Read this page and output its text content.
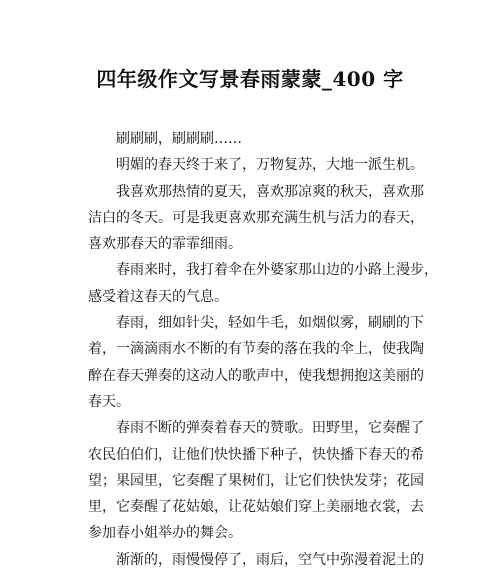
四年级作文写景春雨蒙蒙_400 字
刷刷刷，刷刷刷……
明媚的春天终于来了，万物复苏，大地一派生机。
我喜欢那热情的夏天，喜欢那凉爽的秋天，喜欢那
洁白的冬天。可是我更喜欢那充满生机与活力的春天，
喜欢那春天的霏霏细雨。
春雨来时，我打着伞在外婆家那山边的小路上漫步，
感受着这春天的气息。
春雨，细如针尖，轻如牛毛，如烟似雾，刷刷的下
着，一滴滴雨水不断的有节奏的落在我的伞上，使我陶
醉在春天弹奏的这动人的歌声中，使我想拥抱这美丽的
春天。
春雨不断的弹奏着春天的赞歌。田野里，它奏醒了
农民伯伯们，让他们快快播下种子，快快播下春天的希
望；果园里，它奏醒了果树们，让它们快快发芽；花园
里，它奏醒了花姑娘，让花姑娘们穿上美丽地衣裳，去
参加春小姐举办的舞会。
渐渐的，雨慢慢停了，雨后，空气中弥漫着泥土的
